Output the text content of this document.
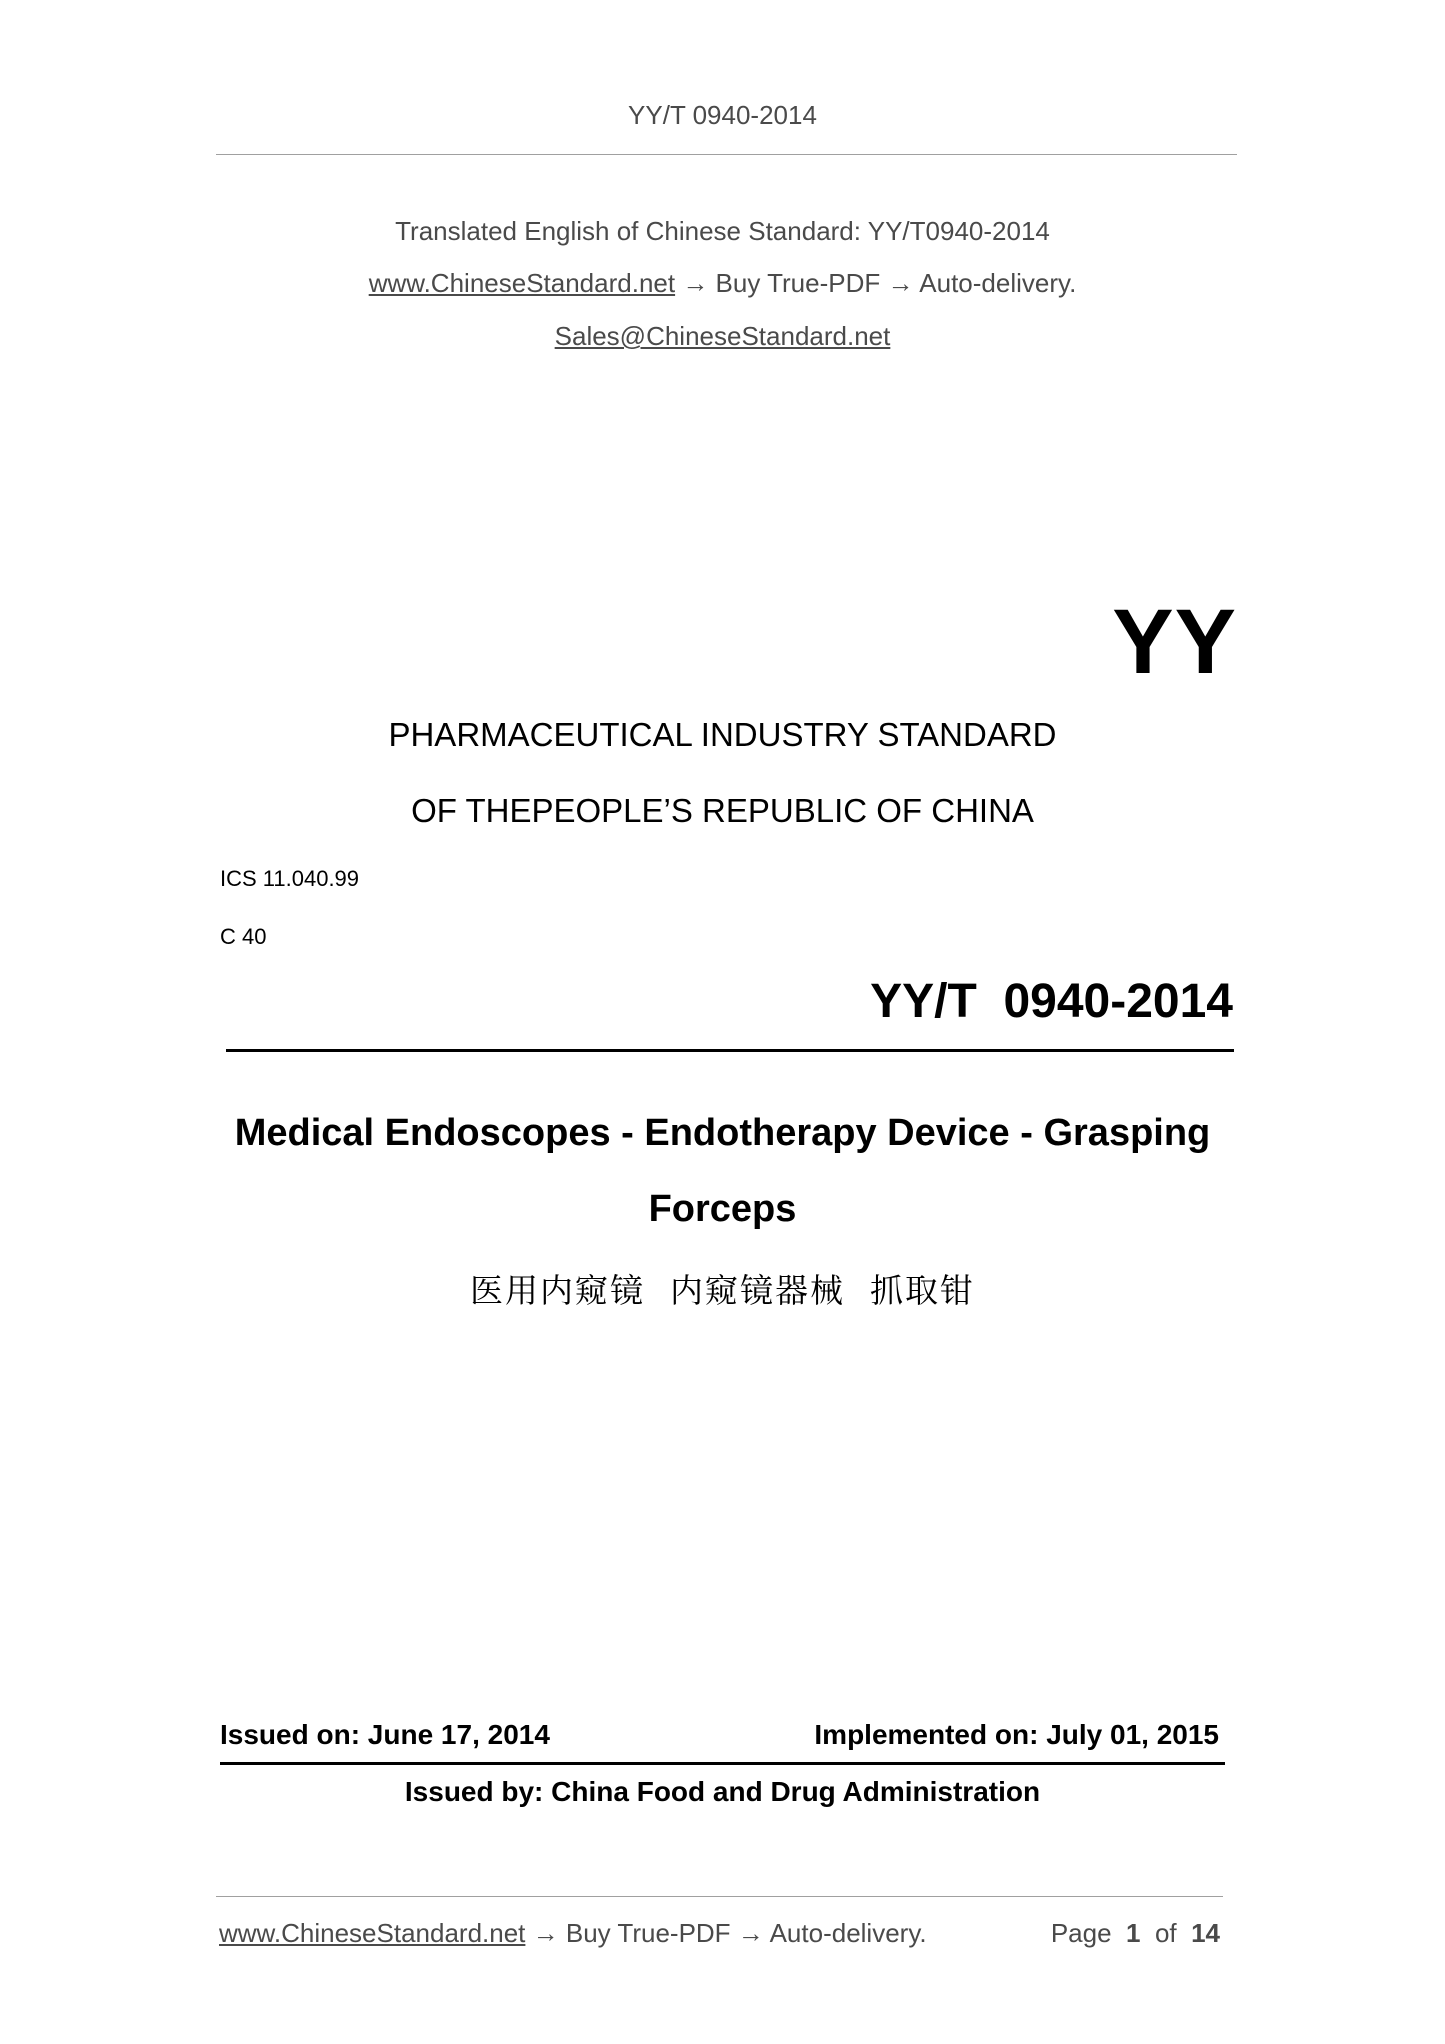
YY/T 0940-2014
Translated English of Chinese Standard: YY/T0940-2014
www.ChineseStandard.net → Buy True-PDF → Auto-delivery.
Sales@ChineseStandard.net
YY
PHARMACEUTICAL INDUSTRY STANDARD
OF THEPEOPLE’S REPUBLIC OF CHINA
ICS 11.040.99
C 40
YY/T  0940-2014
Medical Endoscopes - Endotherapy Device - Grasping
Forceps
医用内窥镜  内窥镜器械  抓取钳
Issued on: June 17, 2014	Implemented on: July 01, 2015
Issued by: China Food and Drug Administration
www.ChineseStandard.net → Buy True-PDF → Auto-delivery.	Page 1 of 14
